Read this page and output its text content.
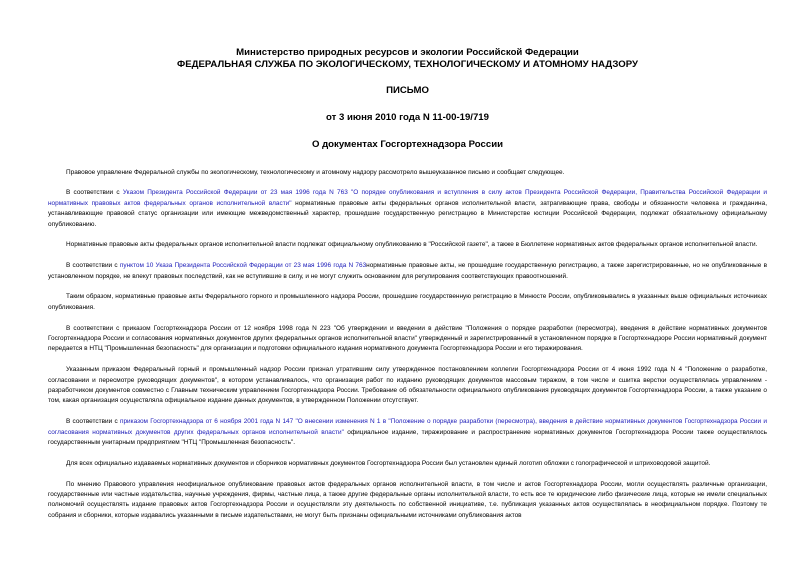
Министерство природных ресурсов и экологии Российской Федерации
ФЕДЕРАЛЬНАЯ СЛУЖБА ПО ЭКОЛОГИЧЕСКОМУ, ТЕХНОЛОГИЧЕСКОМУ И АТОМНОМУ НАДЗОРУ
ПИСЬМО
от 3 июня 2010 года N 11-00-19/719
О документах Госгортехнадзора России

Правовое управление Федеральной службы по экологическому, технологическому и атомному надзору рассмотрело вышеуказанное письмо и сообщает следующее.

В соответствии с Указом Президента Российской Федерации от 23 мая 1996 года N 763 "О порядке опубликования и вступления в силу актов Президента Российской Федерации, Правительства Российской Федерации и нормативных правовых актов федеральных органов исполнительной власти" нормативные правовые акты федеральных органов исполнительной власти, затрагивающие права, свободы и обязанности человека и гражданина, устанавливающие правовой статус организации или имеющие межведомственный характер, прошедшие государственную регистрацию в Министерстве юстиции Российской Федерации, подлежат обязательному официальному опубликованию.

Нормативные правовые акты федеральных органов исполнительной власти подлежат официальному опубликованию в "Российской газете", а также в Бюллетене нормативных актов федеральных органов исполнительной власти.

В соответствии с пунктом 10 Указа Президента Российской Федерации от 23 мая 1996 года N 763нормативные правовые акты, не прошедшие государственную регистрацию, а также зарегистрированные, но не опубликованные в установленном порядке, не влекут правовых последствий, как не вступившие в силу, и не могут служить основанием для регулирования соответствующих правоотношений.

Таким образом, нормативные правовые акты Федерального горного и промышленного надзора России, прошедшие государственную регистрацию в Минюсте России, опубликовывались в указанных выше официальных источниках опубликования.

В соответствии с приказом Госгортехнадзора России от 12 ноября 1998 года N 223 "Об утверждении и введении в действие "Положения о порядке разработки (пересмотра), введения в действие нормативных документов Госгортехнадзора России и согласования нормативных документов других федеральных органов исполнительной власти" утвержденный и зарегистрированный в установленном порядке в Госгортехнадзоре России нормативный документ передается в НТЦ "Промышленная безопасность" для организации и подготовки официального издания нормативного документа Госгортехнадзора России и его тиражирования.

Указанным приказом Федеральный горный и промышленный надзор России признал утратившим силу утвержденное постановлением коллегии Госгортехнадзора России от 4 июня 1992 года N 4 "Положение о разработке, согласовании и пересмотре руководящих документов", в котором устанавливалось, что организация работ по изданию руководящих документов массовым тиражом, в том числе и сшитка верстки осуществлялась управлением - разработчиком документов совместно с Главным техническим управлением Госгортехнадзора России. Требование об обязательности официального опубликования руководящих документов Госгортехнадзора России, а также указание о том, какая организация осуществляла официальное издание данных документов, в утвержденном Положении отсутствует.

В соответствии с приказом Госгортехнадзора от 6 ноября 2001 года N 147 "О внесении изменения N 1 в "Положение о порядке разработки (пересмотра), введения в действие нормативных документов Госгортехнадзора России и согласования нормативных документов других федеральных органов исполнительной власти" официальное издание, тиражирование и распространение нормативных документов Госгортехнадзора России также осуществлялось государственным унитарным предприятием "НТЦ "Промышленная безопасность".

Для всех официально издаваемых нормативных документов и сборников нормативных документов Госгортехнадзора России был установлен единый логотип обложки с голографической и штриховодовой защитой.

По мнению Правового управления неофициальное опубликование правовых актов федеральных органов исполнительной власти, в том числе и актов Госгортехнадзора России, могли осуществлять различные организации, государственные или частные издательства, научные учреждения, фирмы, частные лица, а также другие федеральные органы исполнительной власти, то есть все те юридические либо физические лица, которые не имели специальных полномочий осуществлять издание правовых актов Госгортехнадзора России и осуществляли эту деятельность по собственной инициативе, т.е. публикация указанных актов осуществлялась в неофициальном порядке. Поэтому те собрания и сборники, которые издавались указанными в письме издательствами, не могут быть признаны официальными источниками опубликования актов
